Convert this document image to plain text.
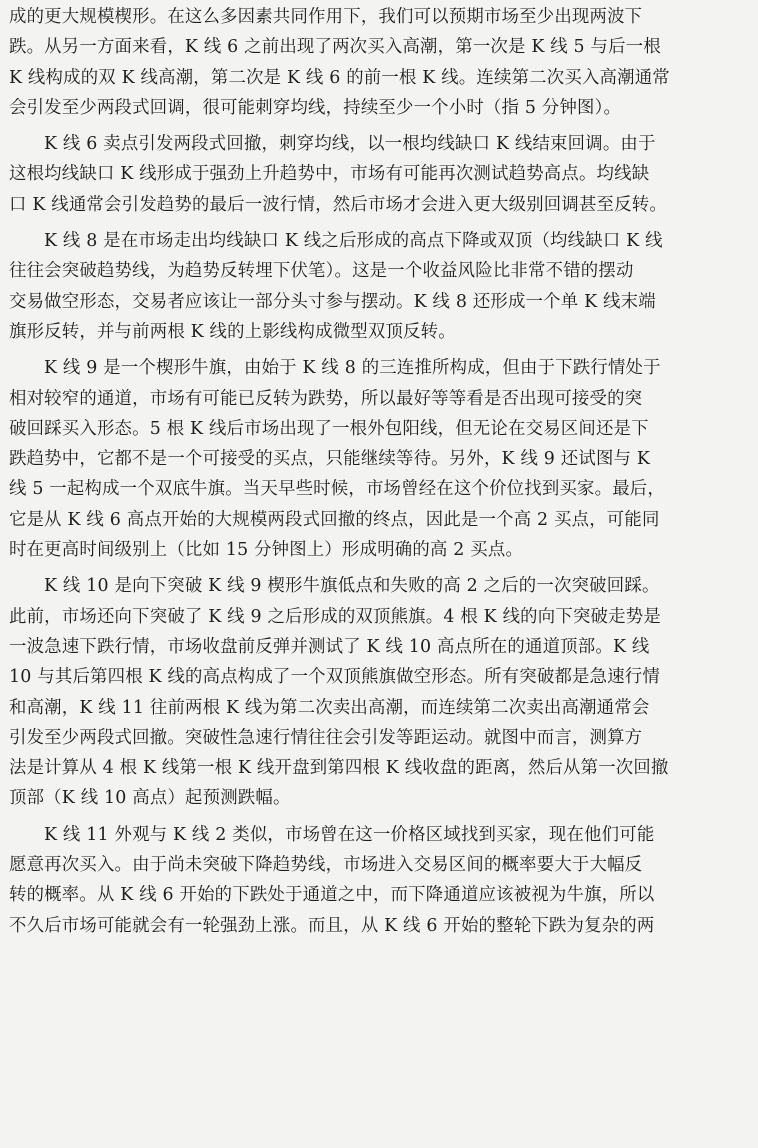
成的更大规模楔形。在这么多因素共同作用下，我们可以预期市场至少出现两波下
跌。从另一方面来看，K 线 6 之前出现了两次买入高潮，第一次是 K 线 5 与后一根
K 线构成的双 K 线高潮，第二次是 K 线 6 的前一根 K 线。连续第二次买入高潮通常
会引发至少两段式回调，很可能刺穿均线，持续至少一个小时（指 5 分钟图）。
K 线 6 卖点引发两段式回撤，刺穿均线，以一根均线缺口 K 线结束回调。由于
这根均线缺口 K 线形成于强劲上升趋势中，市场有可能再次测试趋势高点。均线缺
口 K 线通常会引发趋势的最后一波行情，然后市场才会进入更大级别回调甚至反转。
K 线 8 是在市场走出均线缺口 K 线之后形成的高点下降或双顶（均线缺口 K 线
往往会突破趋势线，为趋势反转埋下伏笔）。这是一个收益风险比非常不错的摆动
交易做空形态，交易者应该让一部分头寸参与摆动。K 线 8 还形成一个单 K 线末端
旗形反转，并与前两根 K 线的上影线构成微型双顶反转。
K 线 9 是一个楔形牛旗，由始于 K 线 8 的三连推所构成，但由于下跌行情处于
相对较窄的通道，市场有可能已反转为跌势，所以最好等等看是否出现可接受的突
破回踩买入形态。5 根 K 线后市场出现了一根外包阳线，但无论在交易区间还是下
跌趋势中，它都不是一个可接受的买点，只能继续等待。另外，K 线 9 还试图与 K
线 5 一起构成一个双底牛旗。当天早些时候，市场曾经在这个价位找到买家。最后，
它是从 K 线 6 高点开始的大规模两段式回撤的终点，因此是一个高 2 买点，可能同
时在更高时间级别上（比如 15 分钟图上）形成明确的高 2 买点。
K 线 10 是向下突破 K 线 9 楔形牛旗低点和失败的高 2 之后的一次突破回踩。
此前，市场还向下突破了 K 线 9 之后形成的双顶熊旗。4 根 K 线的向下突破走势是
一波急速下跌行情，市场收盘前反弹并测试了 K 线 10 高点所在的通道顶部。K 线
10 与其后第四根 K 线的高点构成了一个双顶熊旗做空形态。所有突破都是急速行情
和高潮，K 线 11 往前两根 K 线为第二次卖出高潮，而连续第二次卖出高潮通常会
引发至少两段式回撤。突破性急速行情往往会引发等距运动。就图中而言，测算方
法是计算从 4 根 K 线第一根 K 线开盘到第四根 K 线收盘的距离，然后从第一次回撤
顶部（K 线 10 高点）起预测跌幅。
K 线 11 外观与 K 线 2 类似，市场曾在这一价格区域找到买家，现在他们可能
愿意再次买入。由于尚未突破下降趋势线，市场进入交易区间的概率要大于大幅反
转的概率。从 K 线 6 开始的下跌处于通道之中，而下降通道应该被视为牛旗，所以
不久后市场可能就会有一轮强劲上涨。而且，从 K 线 6 开始的整轮下跌为复杂的两
